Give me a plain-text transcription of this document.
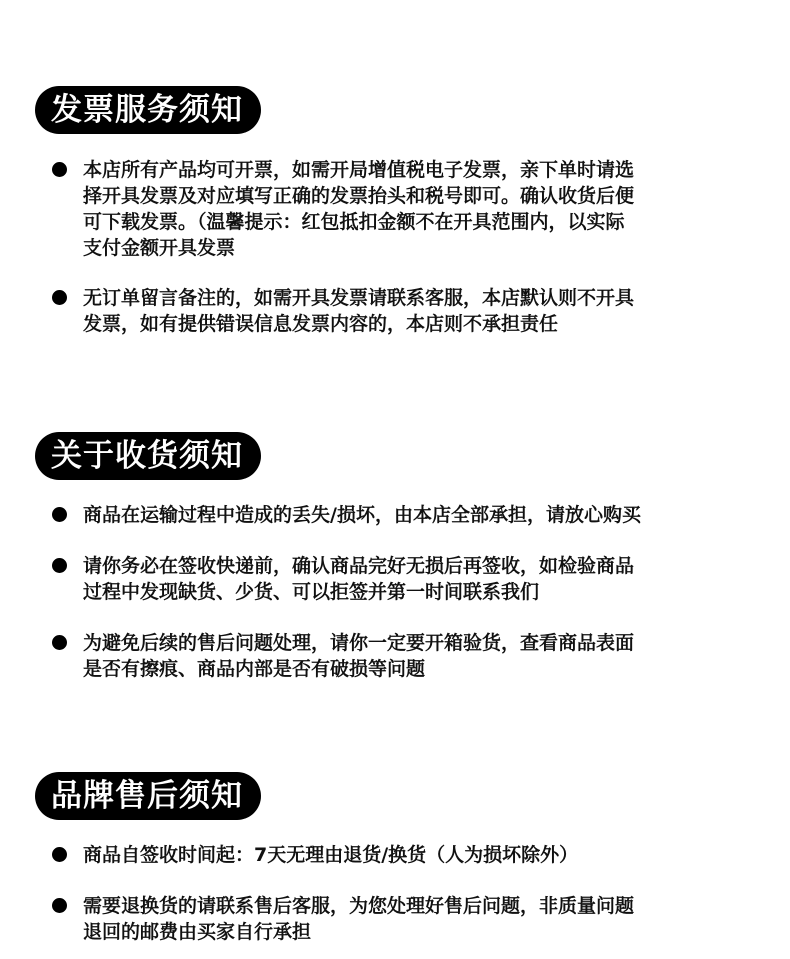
发票服务须知
本店所有产品均可开票，如需开局增值税电子发票，亲下单时请选
择开具发票及对应填写正确的发票抬头和税号即可。确认收货后便
可下载发票。（温馨提示：红包抵扣金额不在开具范围内，以实际
支付金额开具发票
无订单留言备注的，如需开具发票请联系客服，本店默认则不开具
发票，如有提供错误信息发票内容的，本店则不承担责任
关于收货须知
商品在运输过程中造成的丢失/损坏，由本店全部承担，请放心购买
请你务必在签收快递前，确认商品完好无损后再签收，如检验商品
过程中发现缺货、少货、可以拒签并第一时间联系我们
为避免后续的售后问题处理，请你一定要开箱验货，查看商品表面
是否有擦痕、商品内部是否有破损等问题
品牌售后须知
商品自签收时间起：7天无理由退货/换货（人为损坏除外）
需要退换货的请联系售后客服，为您处理好售后问题，非质量问题
退回的邮费由买家自行承担
